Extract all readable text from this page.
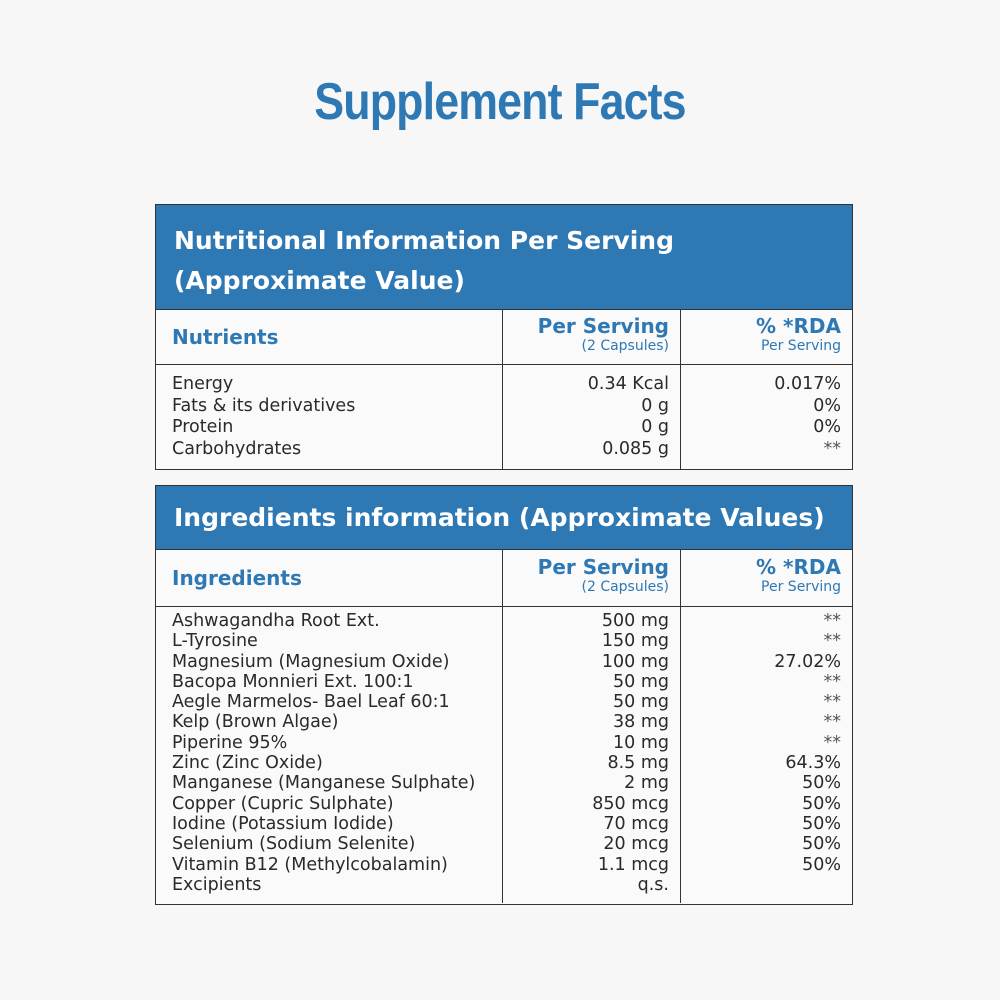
Supplement Facts
Nutritional Information Per Serving
(Approximate Value)
Nutrients	Per Serving
(2 Capsules)
% *RDA
Per Serving
Energy
Fats & its derivatives
Protein
Carbohydrates
0.34 Kcal
0 g
0 g
0.085 g
0.017%
0%
0%
**
Ingredients information (Approximate Values)
Ingredients	Per Serving
(2 Capsules)
% *RDA
Per Serving
Ashwagandha Root Ext.
L-Tyrosine
Magnesium (Magnesium Oxide)
Bacopa Monnieri Ext. 100:1
Aegle Marmelos- Bael Leaf 60:1
Kelp (Brown Algae)
Piperine 95%
Zinc (Zinc Oxide)
Manganese (Manganese Sulphate)
Copper (Cupric Sulphate)
Iodine (Potassium Iodide)
Selenium (Sodium Selenite)
Vitamin B12 (Methylcobalamin)
Excipients
500 mg
150 mg
100 mg
50 mg
50 mg
38 mg
10 mg
8.5 mg
2 mg
850 mcg
70 mcg
20 mcg
1.1 mcg
q.s.
**
**
27.02%
**
**
**
**
64.3%
50%
50%
50%
50%
50%
